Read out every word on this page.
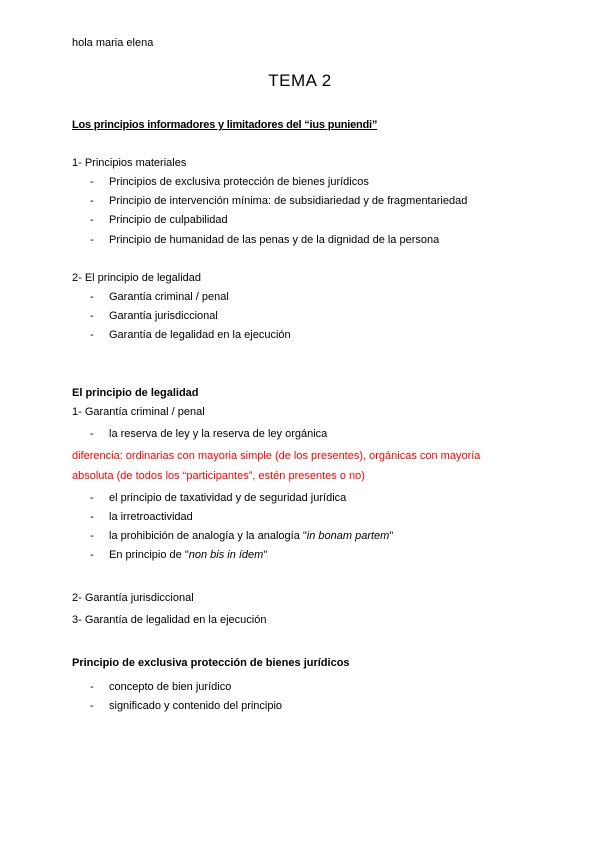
hola maria elena
TEMA 2
Los principios informadores y limitadores del “ius puniendi”
1- Principios materiales
- Principios de exclusiva protección de bienes jurídicos
- Principio de intervención mínima: de subsidiariedad y de fragmentariedad
- Principio de culpabilidad
- Principio de humanidad de las penas y de la dignidad de la persona
2- El principio de legalidad
- Garantía criminal / penal
- Garantía jurisdiccional
- Garantía de legalidad en la ejecución
El principio de legalidad
1- Garantía criminal / penal
- la reserva de ley y la reserva de ley orgánica
diferencia: ordinarias con mayoria simple (de los presentes), orgánicas con mayoría
absoluta (de todos los “participantes”, estén presentes o no)
- el principio de taxatividad y de seguridad jurídica
- la irretroactividad
- la prohibición de analogía y la analogía "in bonam partem"
- En principio de "non bis in ídem"
2- Garantía jurisdiccional
3- Garantía de legalidad en la ejecución
Principio de exclusiva protección de bienes jurídicos
- concepto de bien jurídico
- significado y contenido del principio
